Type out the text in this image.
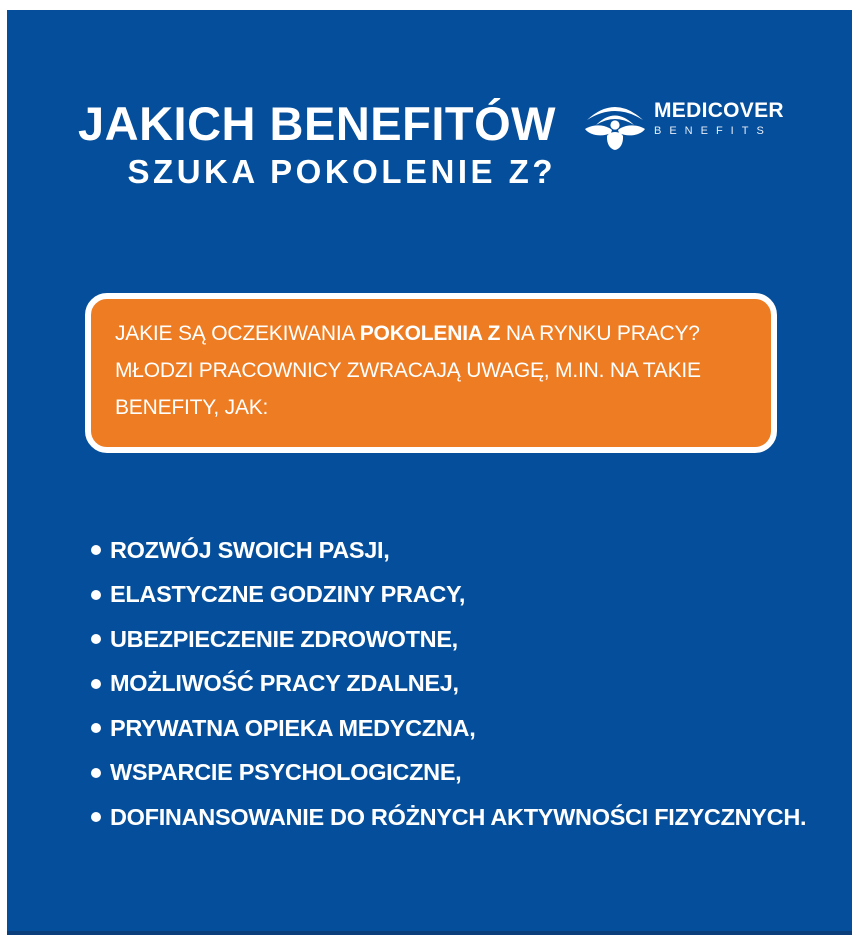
JAKICH BENEFITÓW
SZUKA POKOLENIE Z?
MEDICOVER
BENEFITS
JAKIE SĄ OCZEKIWANIA POKOLENIA Z NA RYNKU PRACY?
MŁODZI PRACOWNICY ZWRACAJĄ UWAGĘ, M.IN. NA TAKIE
BENEFITY, JAK:
ROZWÓJ SWOICH PASJI,
ELASTYCZNE GODZINY PRACY,
UBEZPIECZENIE ZDROWOTNE,
MOŻLIWOŚĆ PRACY ZDALNEJ,
PRYWATNA OPIEKA MEDYCZNA,
WSPARCIE PSYCHOLOGICZNE,
DOFINANSOWANIE DO RÓŻNYCH AKTYWNOŚCI FIZYCZNYCH.
